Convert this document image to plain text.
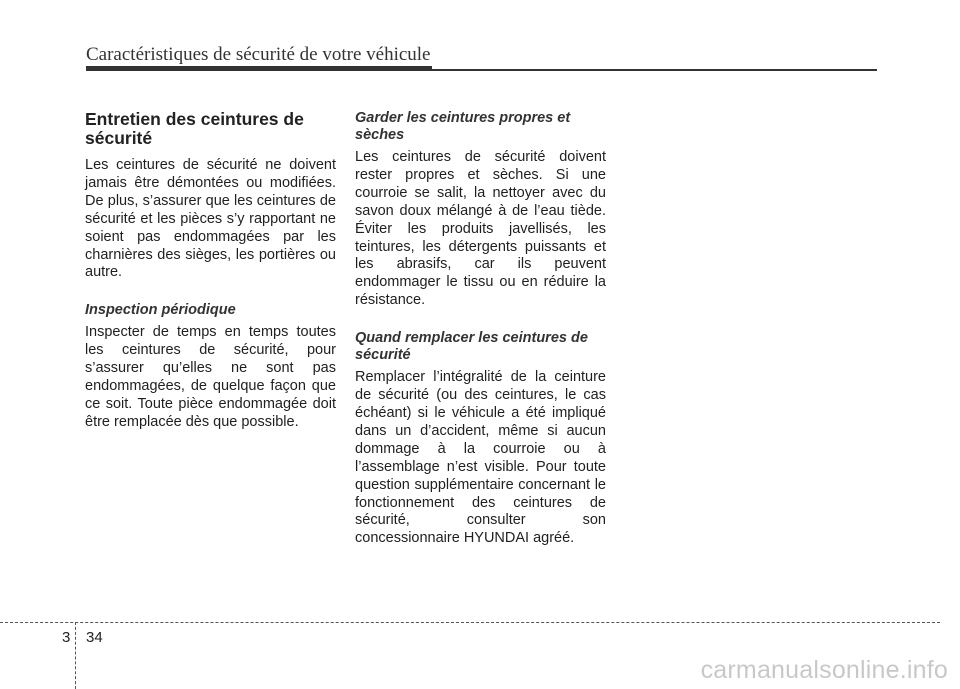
Caractéristiques de sécurité de votre véhicule
Entretien des ceintures de sécurité

Les ceintures de sécurité ne doivent jamais être démontées ou modifiées. De plus, s’assurer que les ceintures de sécurité et les pièces s’y rapportant ne soient pas endommagées par les charnières des sièges, les portières ou autre.

Inspection périodique

Inspecter de temps en temps toutes les ceintures de sécurité, pour s’assurer qu’elles ne sont pas endommagées, de quelque façon que ce soit. Toute pièce endommagée doit être remplacée dès que possible.

Garder les ceintures propres et sèches

Les ceintures de sécurité doivent rester propres et sèches. Si une courroie se salit, la nettoyer avec du savon doux mélangé à de l’eau tiède. Éviter les produits javellisés, les teintures, les détergents puissants et les abrasifs, car ils peuvent endommager le tissu ou en réduire la résistance.

Quand remplacer les ceintures de sécurité

Remplacer l’intégralité de la ceinture de sécurité (ou des ceintures, le cas échéant) si le véhicule a été impliqué dans un d’accident, même si aucun dommage à la courroie ou à l’assemblage n’est visible. Pour toute question supplémentaire concernant le fonctionnement des ceintures de sécurité, consulter son concessionnaire HYUNDAI agréé.

3 34
carmanualsonline.info
